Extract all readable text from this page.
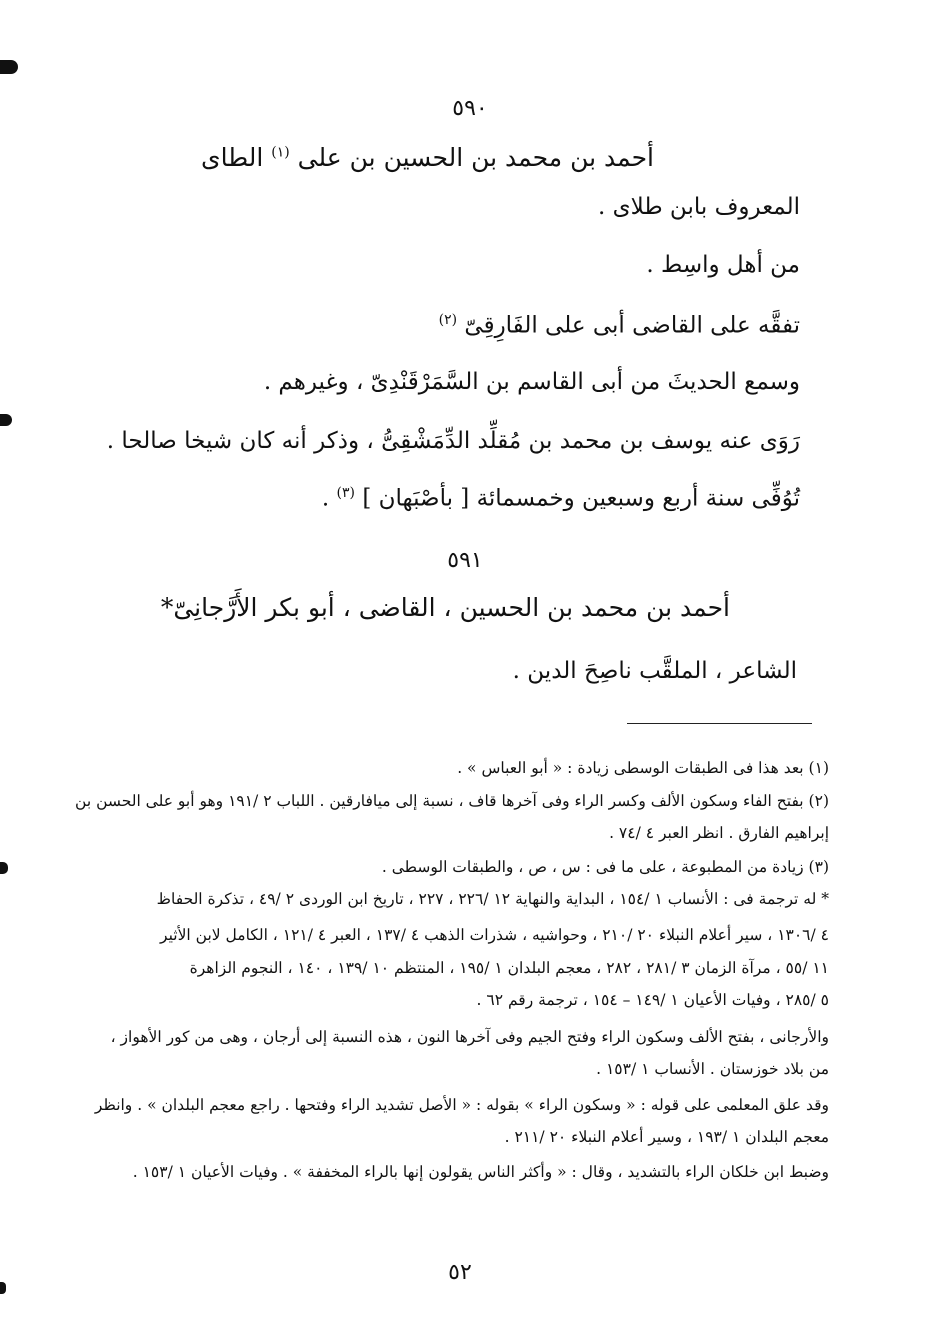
٥٩٠
أحمد بن محمد بن الحسين بن على $^{(١)}$ الطاى
المعروف بابن طلاى .
من أهل واسِط .
تفقَّه على القاضى أبى على الفَارِقِىّ $^{(٢)}$
وسمع الحديثَ من أبى القاسم بن السَّمَرْقَنْدِىّ ، وغيرهم .
رَوَى عنه يوسف بن محمد بن مُقلِّد الدِّمَشْقِىُّ ، وذكر أنه كان شيخا صالحا .
تُوُفِّى سنة أربع وسبعين وخمسمائة [ بأصْبَهان ] $^{(٣)}$ .
٥٩١
أحمد بن محمد بن الحسين ، القاضى ، أبو بكر الأَرَّجانِىّ*
الشاعر ، الملقَّب ناصِحَ الدين .
(١) بعد هذا فى الطبقات الوسطى زيادة : « أبو العباس » .
(٢) بفتح الفاء وسكون الألف وكسر الراء وفى آخرها قاف ، نسبة إلى ميافارقين . اللباب ٢ /١٩١ وهو أبو على الحسن بن
إبراهيم الفارق . انظر العبر ٤ /٧٤ .
(٣) زيادة من المطبوعة ، على ما فى : س ، ص ، والطبقات الوسطى .
* له ترجمة فى : الأنساب ١ /١٥٤ ، البداية والنهاية ١٢ /٢٢٦ ، ٢٢٧ ، تاريخ ابن الوردى ٢ /٤٩ ، تذكرة الحفاظ
٤ /١٣٠٦ ، سير أعلام النبلاء ٢٠ /٢١٠ ، وحواشيه ، شذرات الذهب ٤ /١٣٧ ، العبر ٤ /١٢١ ، الكامل لابن الأثير
١١ /٥٥ ، مرآة الزمان ٣ /٢٨١ ، ٢٨٢ ، معجم البلدان ١ /١٩٥ ، المنتظم ١٠ /١٣٩ ، ١٤٠ ، النجوم الزاهرة
٥ /٢٨٥ ، وفيات الأعيان ١ /١٤٩ – ١٥٤ ، ترجمة رقم ٦٢ .
والأرجانى ، بفتح الألف وسكون الراء وفتح الجيم وفى آخرها النون ، هذه النسبة إلى أرجان ، وهى من كور الأهواز ،
من بلاد خوزستان . الأنساب ١ /١٥٣ .
وقد علق المعلمى على قوله : « وسكون الراء » بقوله : « الأصل تشديد الراء وفتحها . راجع معجم البلدان » . وانظر
معجم البلدان ١ /١٩٣ ، وسير أعلام النبلاء ٢٠ /٢١١ .
وضبط ابن خلكان الراء بالتشديد ، وقال : « وأكثر الناس يقولون إنها بالراء المخففة » . وفيات الأعيان ١ /١٥٣ .
٥٢
